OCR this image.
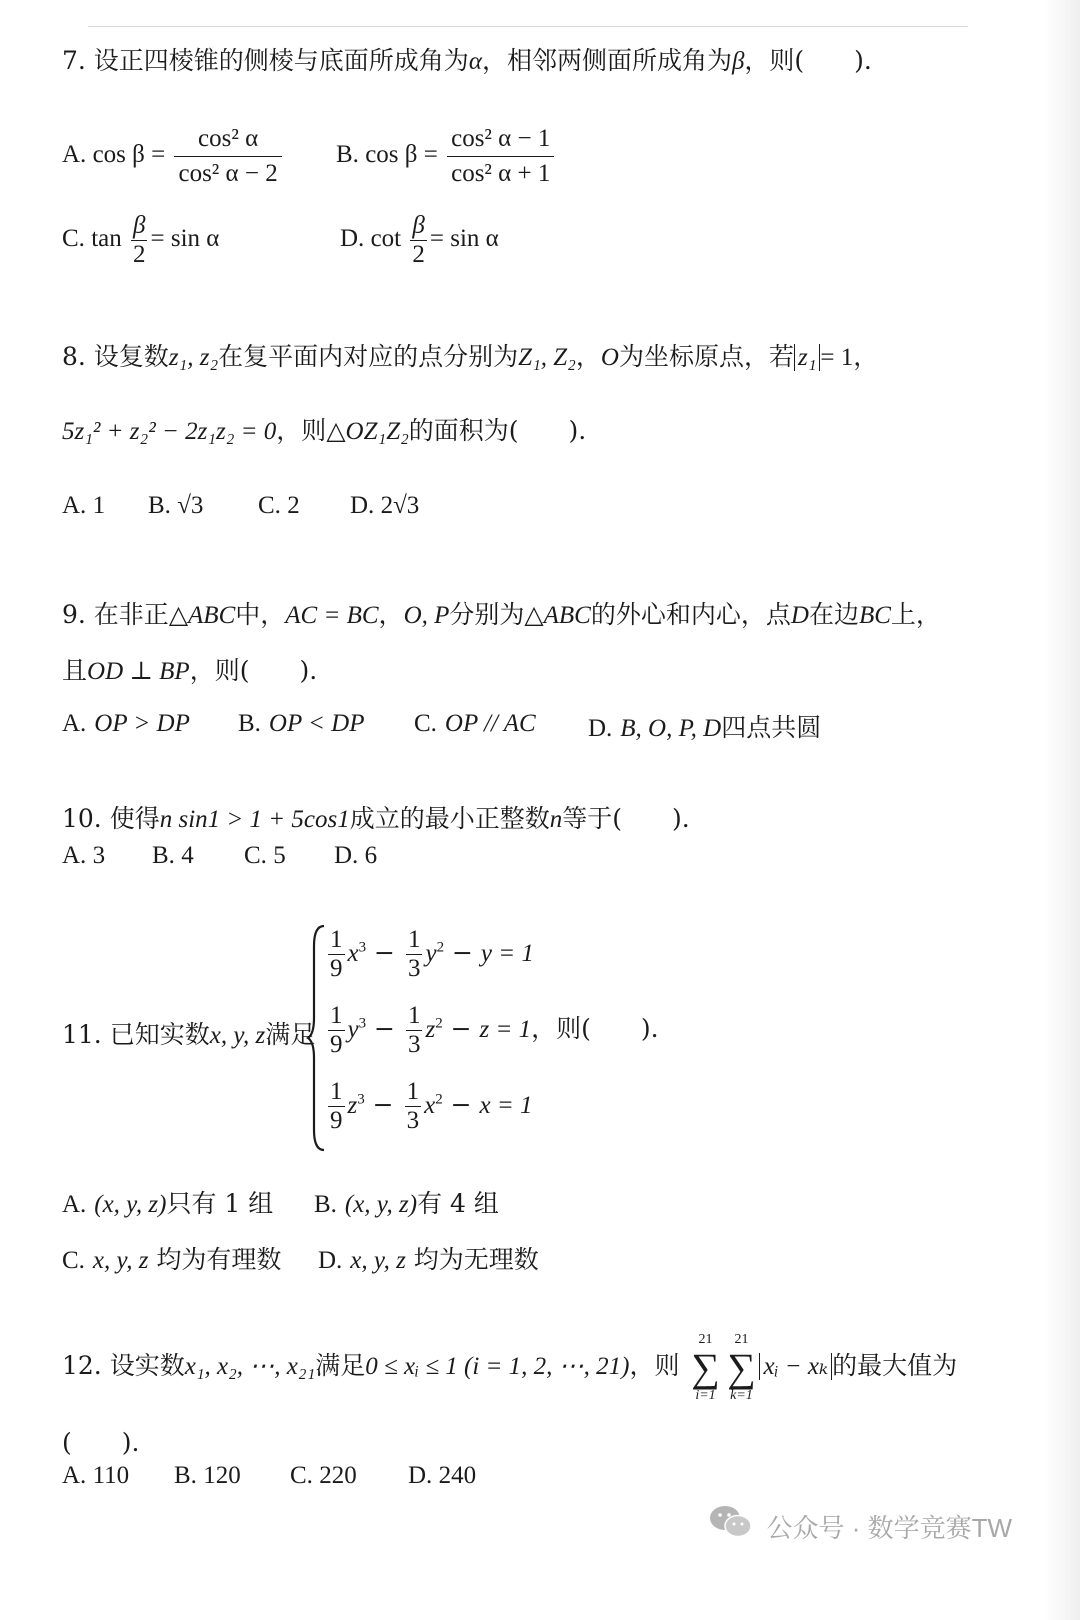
7. 设正四棱锥的侧棱与底面所成角为α，相邻两侧面所成角为β，则(　　).
A. $\cos \beta = \frac{\text{cos² α}}{\text{cos² α − 2}} B$. $\cos \beta = \frac{\text{cos² α − 1}}{\text{cos² α + 1}}$
C. $\tan \frac{\beta}{2} = \sin \alpha$	D. $\cot \frac{\beta}{2} = \sin \alpha$
8. 设复数z₁, z₂在复平面内对应的点分别为Z₁, Z₂，O为坐标原点，若 z₁ = 1，
5z₁² + z₂² − 2z₁z₂ = 0，则△OZ₁Z₂的面积为(　　).
A. 1 B. √3 C. 2 D. 2√3
9. 在非正△ABC中，AC = BC，O, P分别为△ABC的外心和内心，点D在边BC上，
且OD ⊥ BP，则(　　).
A. OP > DP B. OP < DP C. OP // AC D. B, O, P, D四点共圆
10. 使得n sin1 > 1 + 5cos1成立的最小正整数n等于(　　).
A. 3 B. 4 C. 5 D. 6
11. 已知实数x, y, z满足
$\frac{1}{9} x^3 - \frac{1}{3} y^2 - y = 1$
$\frac{1}{9} y^3 - \frac{1}{3} z^2 - z = 1$，则(　　).
$\frac{1}{9} z^3 - \frac{1}{3} x^2 - x = 1$
A. (x, y, z)只有 1 组 B. (x, y, z)有 4 组
C. x, y, z 均为有理数 D. x, y, z 均为无理数
12. 设实数x₁, x₂, ⋯, x₂₁满足0 ≤ xᵢ ≤ 1 (i = 1, 2, ⋯, 21)，则
21
∑
i=1
21
∑
k=1
xᵢ − xₖ 的最大值为
(　　).
A. 110 B. 120 C. 220 D. 240
公众号 · 数学竞赛TW
